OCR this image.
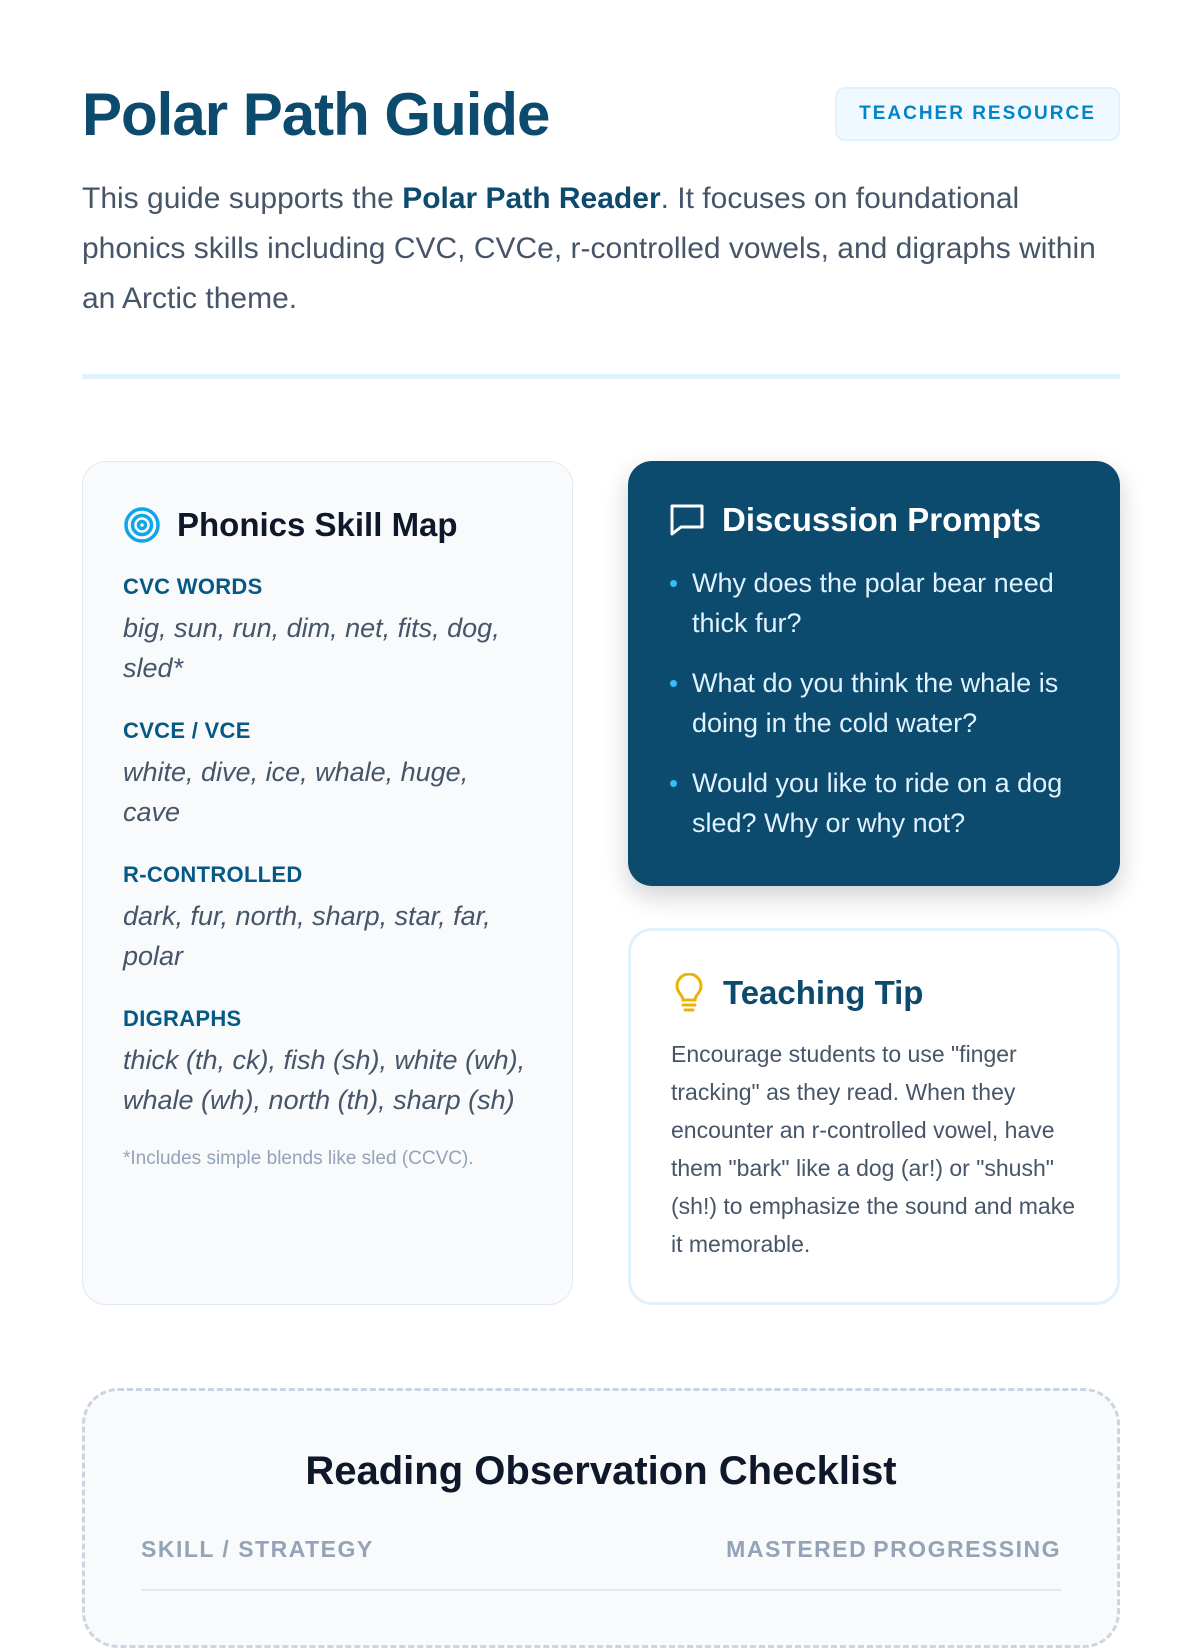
Polar Path Guide	TEACHER RESOURCE

This guide supports the Polar Path Reader. It focuses on foundational phonics skills including CVC, CVCe, r-controlled vowels, and digraphs within an Arctic theme.

Phonics Skill Map
CVC WORDS
big, sun, run, dim, net, fits, dog, sled*
CVCE / VCE
white, dive, ice, whale, huge, cave
R-CONTROLLED
dark, fur, north, sharp, star, far, polar
DIGRAPHS
thick (th, ck), fish (sh), white (wh), whale (wh), north (th), sharp (sh)
*Includes simple blends like sled (CCVC).
Discussion Prompts
Why does the polar bear need thick fur?
What do you think the whale is doing in the cold water?
Would you like to ride on a dog sled? Why or why not?
Teaching Tip

Encourage students to use "finger tracking" as they read. When they encounter an r-controlled vowel, have them "bark" like a dog (ar!) or "shush" (sh!) to emphasize the sound and make it memorable.

Reading Observation Checklist
SKILL / STRATEGY	MASTERED PROGRESSING
